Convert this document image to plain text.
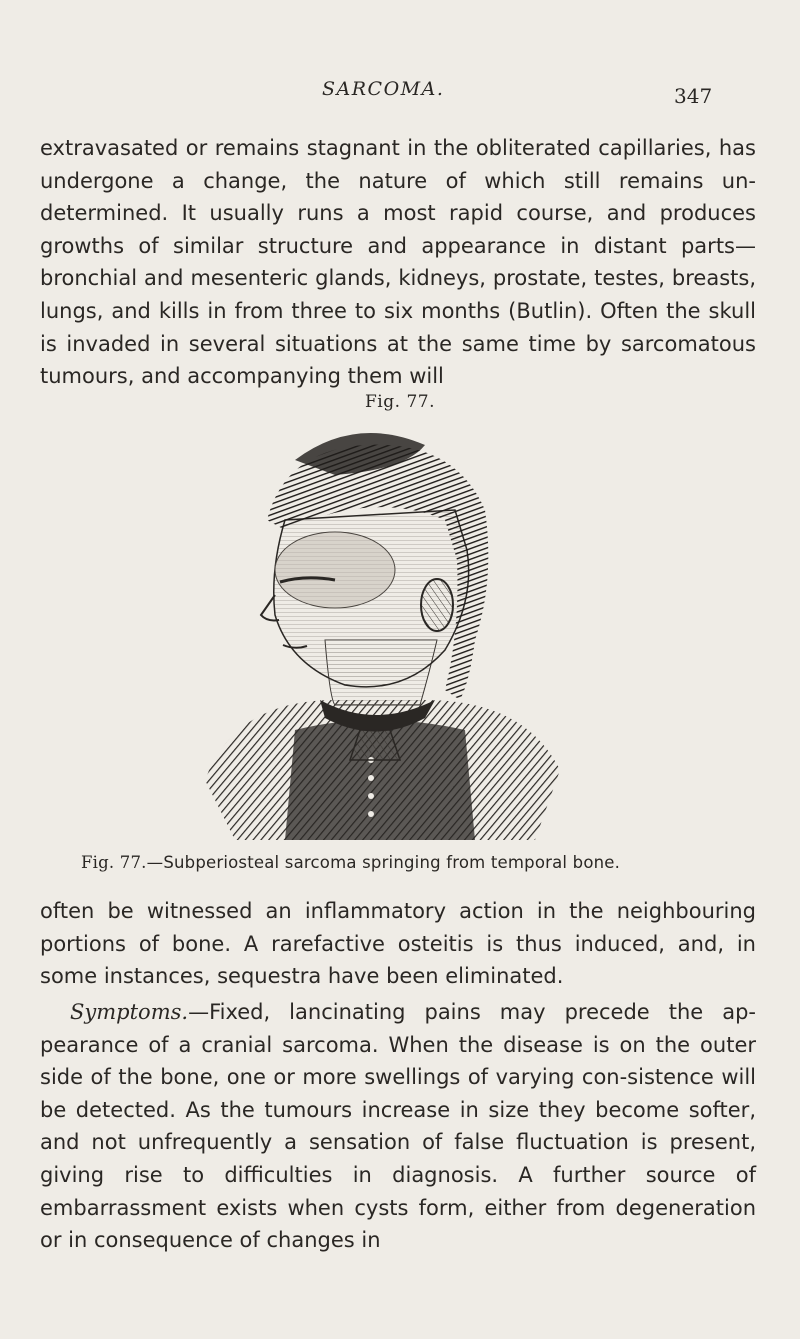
SARCOMA.	347

extravasated or remains stagnant in the obliterated capillaries, has undergone a change, the nature of which still remains un-determined. It usually runs a most rapid course, and produces growths of similar structure and appearance in distant parts—bronchial and mesenteric glands, kidneys, prostate, testes, breasts, lungs, and kills in from three to six months (Butlin). Often the skull is invaded in several situations at the same time by sarcomatous tumours, and accompanying them will

Fig. 77.
Fig. 77.—Subperiosteal sarcoma springing from temporal bone.

often be witnessed an inflammatory action in the neighbouring portions of bone. A rarefactive osteitis is thus induced, and, in some instances, sequestra have been eliminated.

Symptoms.—Fixed, lancinating pains may precede the ap-pearance of a cranial sarcoma. When the disease is on the outer side of the bone, one or more swellings of varying con-sistence will be detected. As the tumours increase in size they become softer, and not unfrequently a sensation of false fluctuation is present, giving rise to difficulties in diagnosis. A further source of embarrassment exists when cysts form, either from degeneration or in consequence of changes in
